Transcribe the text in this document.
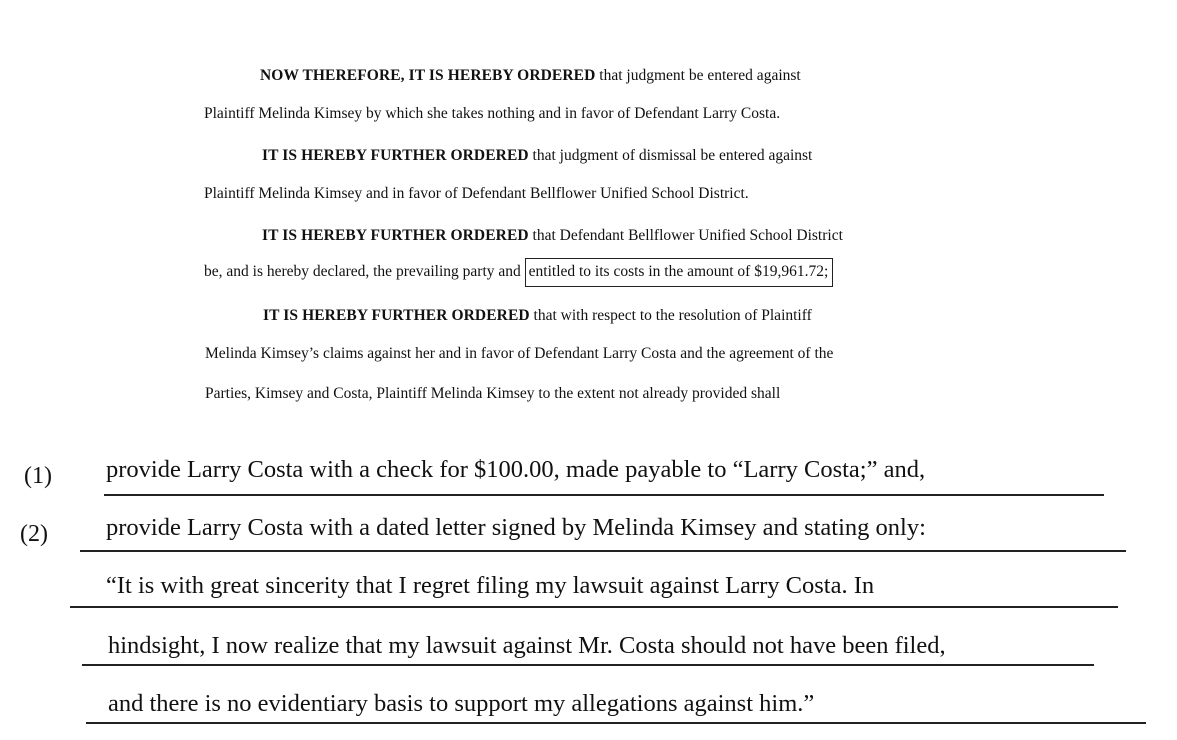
NOW THEREFORE, IT IS HEREBY ORDERED that judgment be entered against
Plaintiff Melinda Kimsey by which she takes nothing and in favor of Defendant Larry Costa.
IT IS HEREBY FURTHER ORDERED that judgment of dismissal be entered against
Plaintiff Melinda Kimsey and in favor of Defendant Bellflower Unified School District.
IT IS HEREBY FURTHER ORDERED that Defendant Bellflower Unified School District
be, and is hereby declared, the prevailing party and entitled to its costs in the amount of $19,961.72;
IT IS HEREBY FURTHER ORDERED that with respect to the resolution of Plaintiff
Melinda Kimsey’s claims against her and in favor of Defendant Larry Costa and the agreement of the
Parties, Kimsey and Costa, Plaintiff Melinda Kimsey to the extent not already provided shall
(1) provide Larry Costa with a check for $100.00, made payable to “Larry Costa;” and,
(2) provide Larry Costa with a dated letter signed by Melinda Kimsey and stating only:
“It is with great sincerity that I regret filing my lawsuit against Larry Costa. In
hindsight, I now realize that my lawsuit against Mr. Costa should not have been filed,
and there is no evidentiary basis to support my allegations against him.”
